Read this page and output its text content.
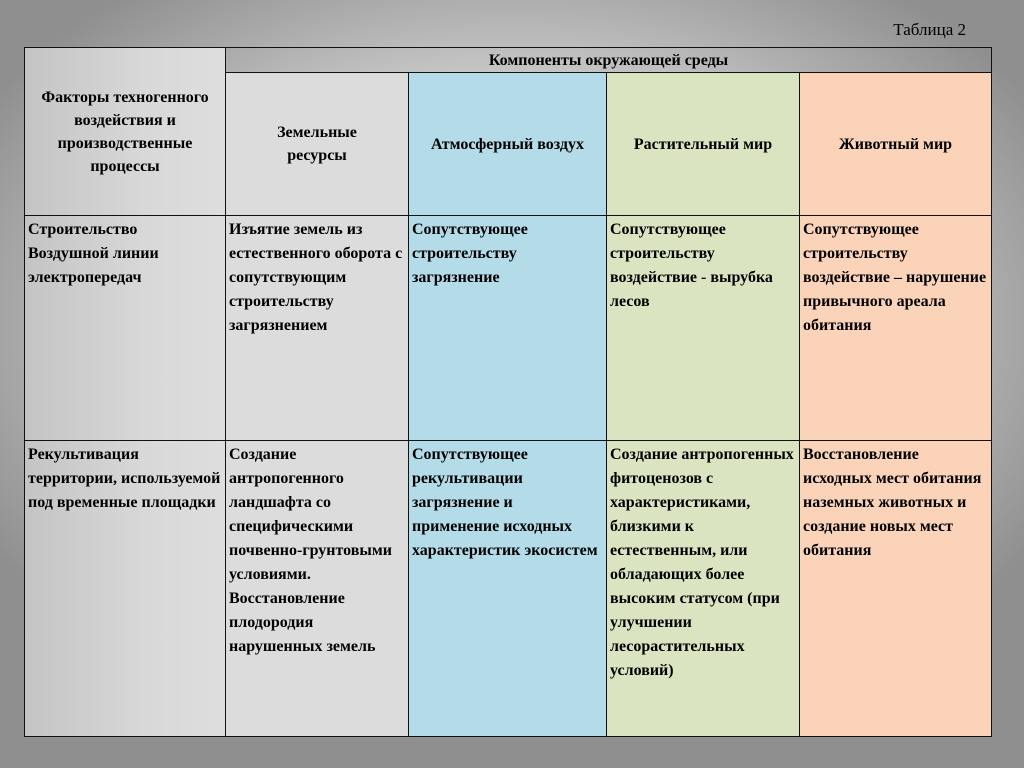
Таблица 2
Факторы техногенного воздействия и производственные процессы
Компоненты окружающей среды
Земельные ресурсы
Атмосферный воздух	Растительный мир	Животный мир
Строительство Воздушной линии электропередач
Изъятие земель из естественного оборота с сопутствующим строительству загрязнением
Сопутствующее строительству загрязнение
Сопутствующее строительству воздействие - вырубка лесов
Сопутствующее строительству воздействие – нарушение привычного ареала обитания
Рекультивация территории, используемой под временные площадки
Создание антропогенного ландшафта со специфическими почвенно-грунтовыми условиями. Восстановление плодородия нарушенных земель
Сопутствующее рекультивации загрязнение и применение исходных характеристик экосистем
Создание антропогенных фитоценозов с характеристиками, близкими к естественным, или обладающих более высоким статусом (при улучшении лесорастительных условий)
Восстановление исходных мест обитания наземных животных и создание новых мест обитания
